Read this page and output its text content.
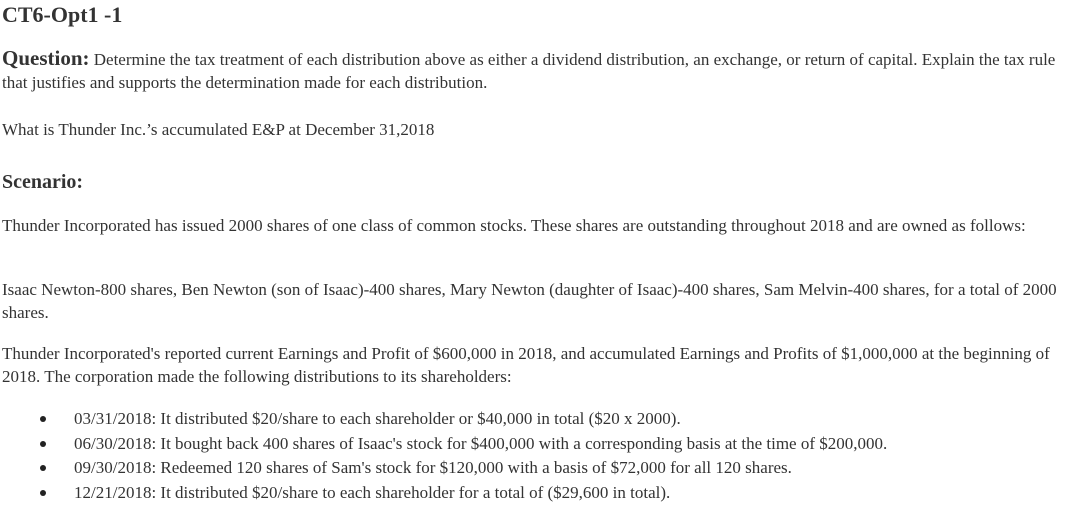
CT6-Opt1 -1

Question: Determine the tax treatment of each distribution above as either a dividend distribution, an exchange, or return of capital. Explain the tax rule that justifies and supports the determination made for each distribution.

What is Thunder Inc.’s accumulated E&P at December 31,2018

Scenario:

Thunder Incorporated has issued 2000 shares of one class of common stocks. These shares are outstanding throughout 2018 and are owned as follows:

Isaac Newton-800 shares, Ben Newton (son of Isaac)-400 shares, Mary Newton (daughter of Isaac)-400 shares, Sam Melvin-400 shares, for a total of 2000 shares.

Thunder Incorporated's reported current Earnings and Profit of $600,000 in 2018, and accumulated Earnings and Profits of $1,000,000 at the beginning of 2018. The corporation made the following distributions to its shareholders:

03/31/2018: It distributed $20/share to each shareholder or $40,000 in total ($20 x 2000).
06/30/2018: It bought back 400 shares of Isaac's stock for $400,000 with a corresponding basis at the time of $200,000.
09/30/2018: Redeemed 120 shares of Sam's stock for $120,000 with a basis of $72,000 for all 120 shares.
12/21/2018: It distributed $20/share to each shareholder for a total of ($29,600 in total).
